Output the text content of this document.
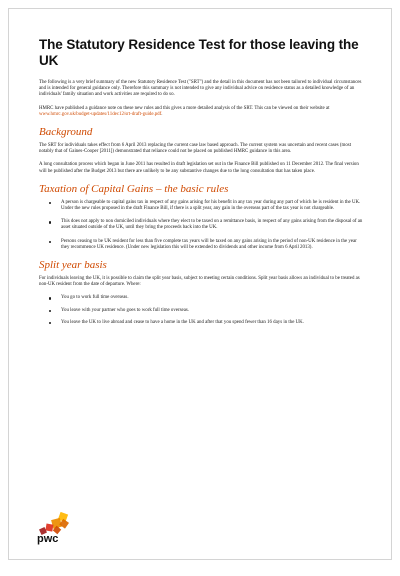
The Statutory Residence Test for those leaving the UK

The following is a very brief summary of the new Statutory Residence Test ("SRT") and the detail in this document has not been tailored to individual circumstances and is intended for general guidance only. Therefore this summary is not intended to give any individual advice on residence status as a detailed knowledge of an individuals' family situation and work activities are required to do so.

HMRC have published a guidance note on these new rules and this gives a more detailed analysis of the SRT. This can be viewed on their website at www.hmrc.gov.uk/budget-updates/11dec12/srt-draft-guide.pdf.

Background

The SRT for individuals takes effect from 6 April 2013 replacing the current case law based approach. The current system was uncertain and recent cases (most notably that of Gaines-Cooper [2011]) demonstrated that reliance could not be placed on published HMRC guidance in this area.

A long consultation process which began in June 2011 has resulted in draft legislation set out in the Finance Bill published on 11 December 2012. The final version will be published after the Budget 2013 but there are unlikely to be any substantive changes due to the long consultation that has taken place.

Taxation of Capital Gains – the basic rules
A person is chargeable to capital gains tax in respect of any gains arising for his benefit in any tax year during any part of which he is resident in the UK. Under the new rules proposed in the draft Finance Bill, if there is a split year, any gain in the overseas part of the tax year is not chargeable.
This does not apply to non domiciled individuals where they elect to be taxed on a remittance basis, in respect of any gains arising from the disposal of an asset situated outside of the UK, until they bring the proceeds back into the UK.
Persons ceasing to be UK resident for less than five complete tax years will be taxed on any gains arising in the period of non-UK residence in the year they recommence UK residence. (Under new legislation this will be extended to dividends and other income from 6 April 2013).
Split year basis

For individuals leaving the UK, it is possible to claim the split year basis, subject to meeting certain conditions. Split year basis allows an individual to be treated as non-UK resident from the date of departure. Where:

You go to work full time overseas.
You leave with your partner who goes to work full time overseas.
You leave the UK to live abroad and cease to have a home in the UK and after that you spend fewer than 16 days in the UK.
pwc
